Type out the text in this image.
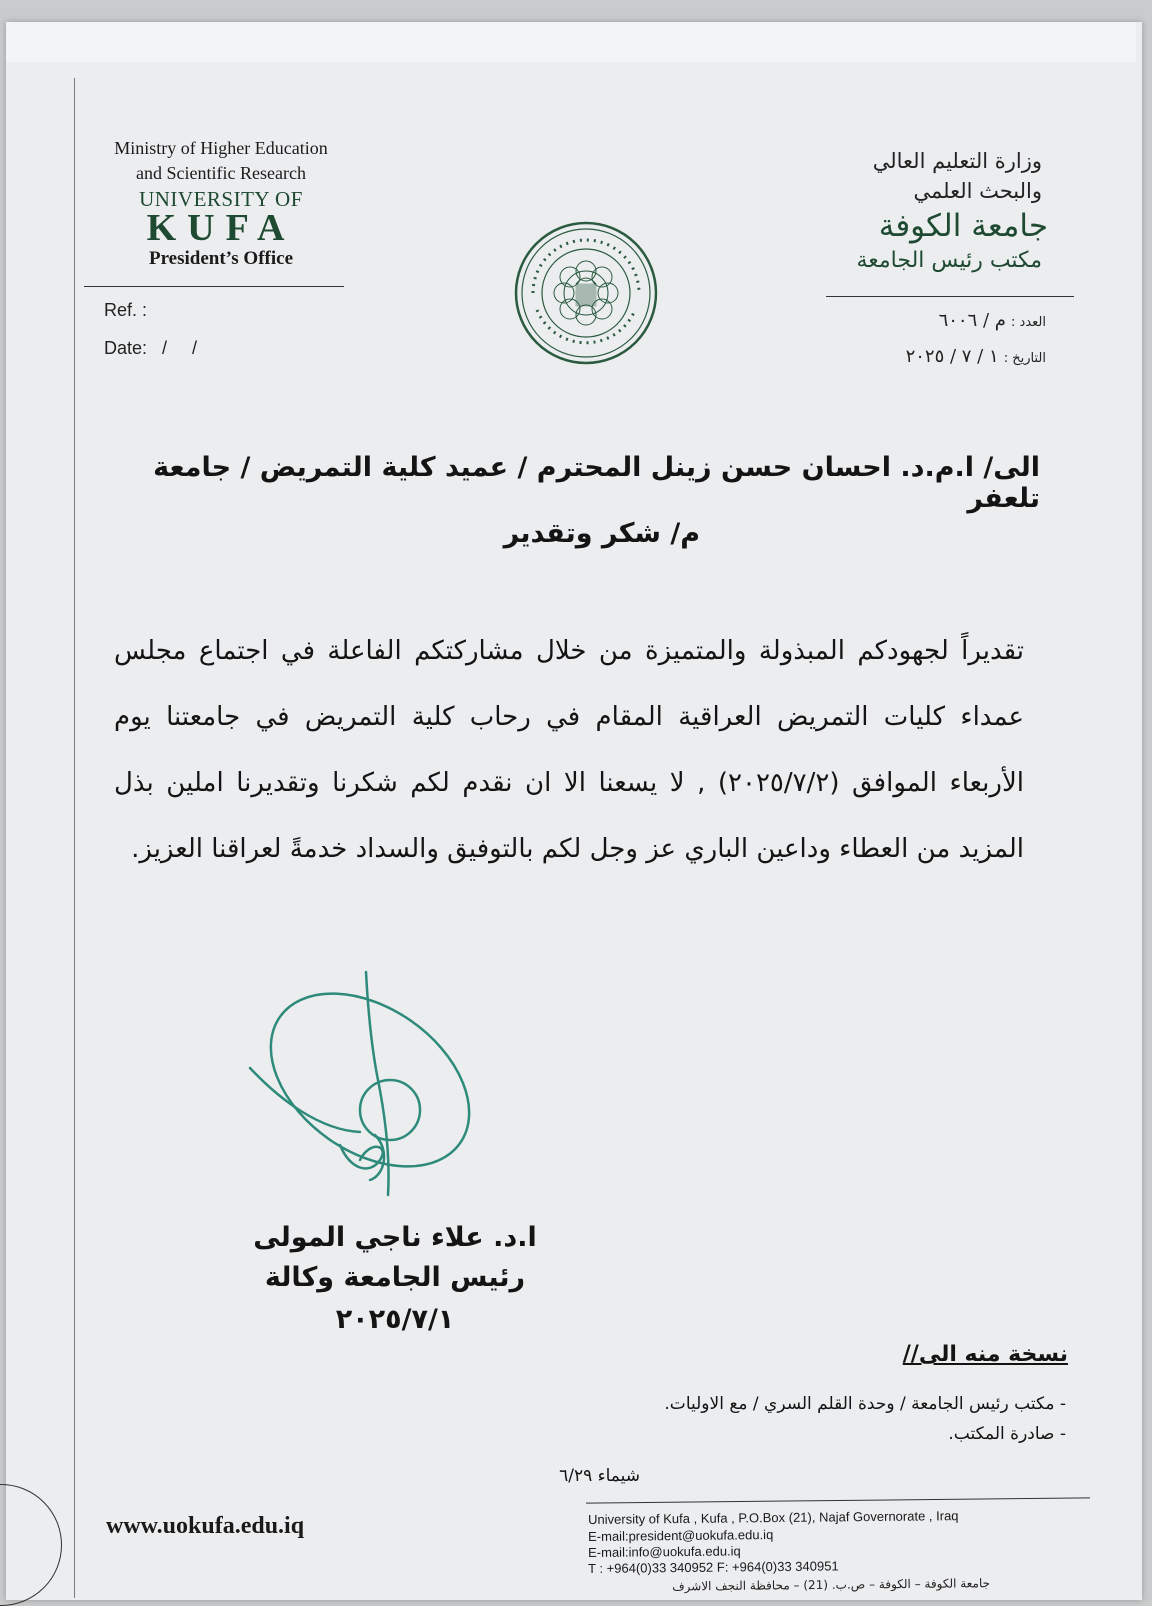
Ministry of Higher Education
and Scientific Research
UNIVERSITY OF
KUFA
President’s Office
Ref. :
Date:   /     /
وزارة التعليم العالي
والبحث العلمي
جامعة الكوفة
مكتب رئيس الجامعة
العدد : م / ٦٠٠٦
التاريخ : ١ / ٧ / ٢٠٢٥
الى/ ا.م.د. احسان حسن زينل المحترم / عميد كلية التمريض / جامعة تلعفر
م/ شكر وتقدير
تقديراً لجهودكم المبذولة والمتميزة من خلال مشاركتكم الفاعلة في اجتماع مجلس عمداء كليات التمريض العراقية المقام في رحاب كلية التمريض في جامعتنا يوم الأربعاء الموافق (٢٠٢٥/٧/٢) , لا يسعنا الا ان نقدم لكم شكرنا وتقديرنا املين بذل المزيد من العطاء وداعين الباري عز وجل لكم بالتوفيق والسداد خدمةً لعراقنا العزيز.
ا.د. علاء ناجي المولى
رئيس الجامعة وكالة
٢٠٢٥/٧/١
نسخة منه الى//
- مكتب رئيس الجامعة / وحدة القلم السري / مع الاوليات.
- صادرة المكتب.
شيماء ٦/٢٩
www.uokufa.edu.iq	University of Kufa , Kufa , P.O.Box (21), Najaf Governorate , Iraq
E-mail:president@uokufa.edu.iq
E-mail:info@uokufa.edu.iq
T : +964(0)33 340952 F: +964(0)33 340951
جامعة الكوفة – الكوفة – ص.ب. (21) – محافظة النجف الاشرف
